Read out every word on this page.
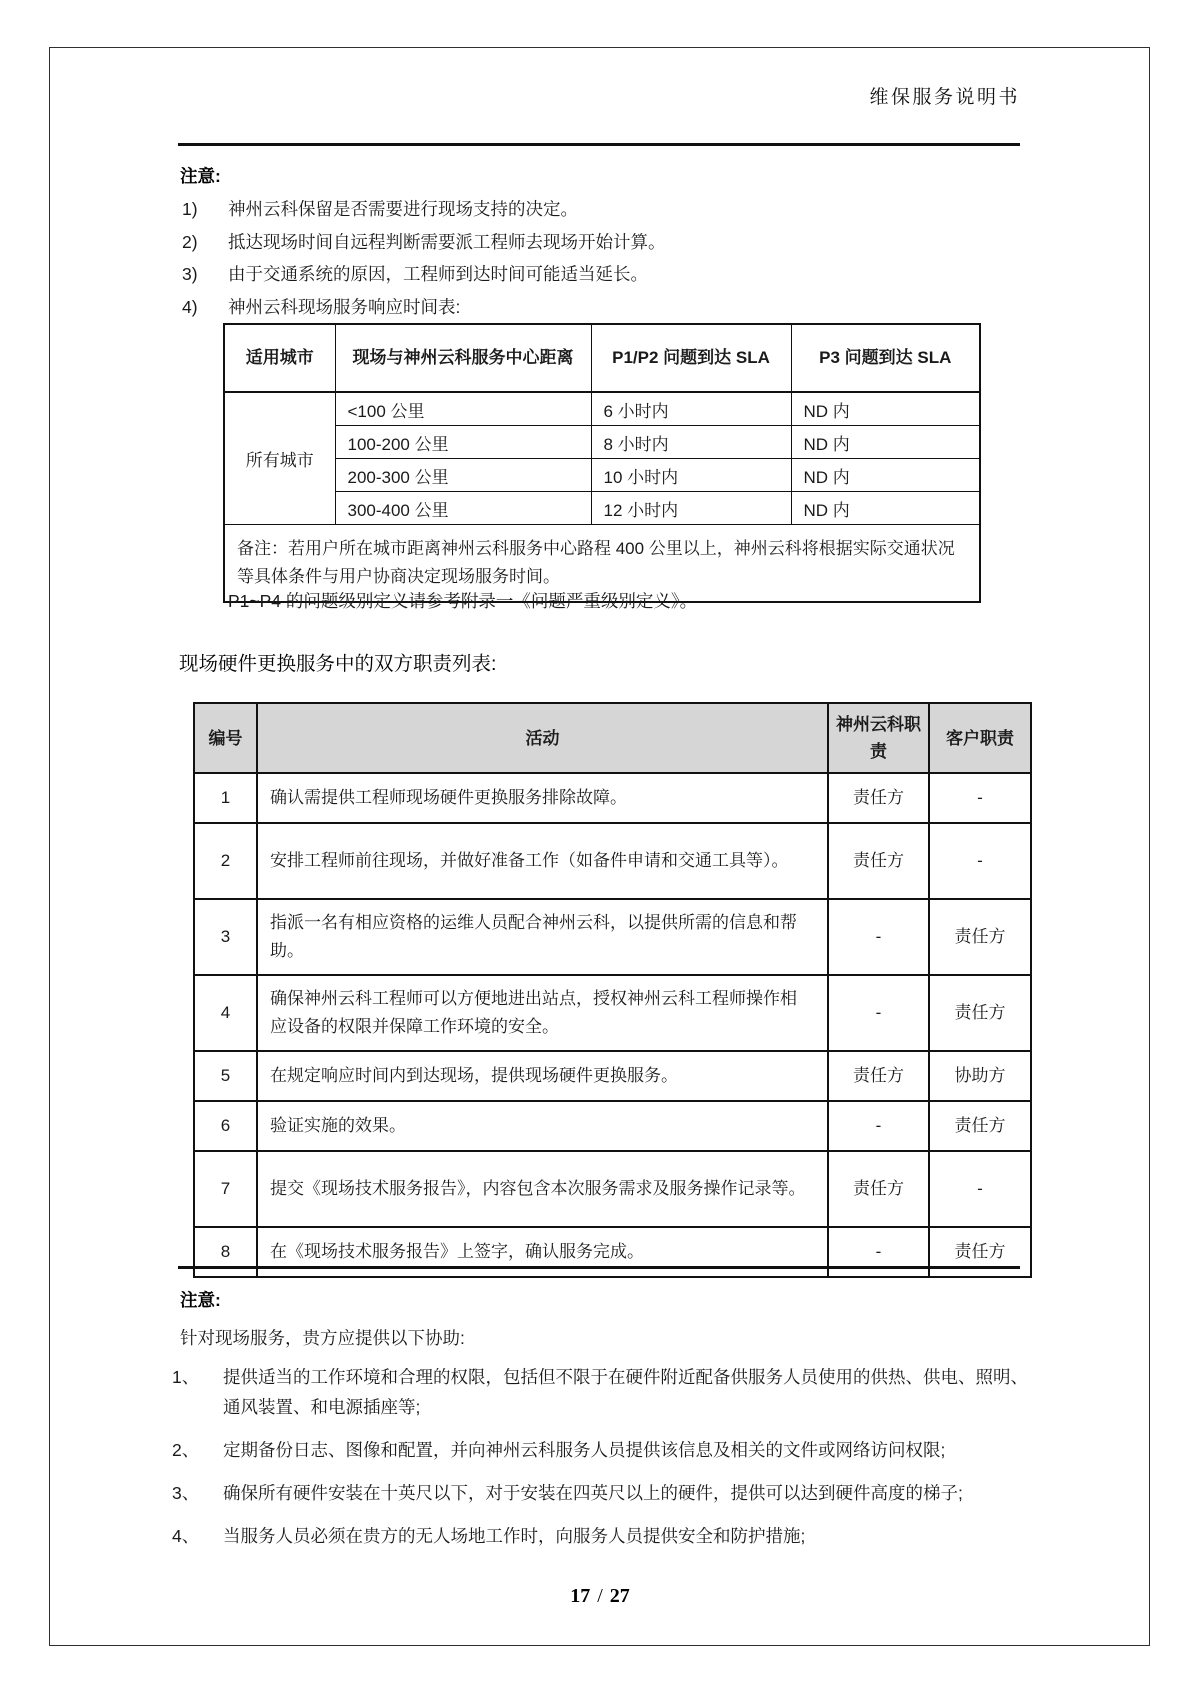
维保服务说明书
注意:
1)	神州云科保留是否需要进行现场支持的决定。
2)	抵达现场时间自远程判断需要派工程师去现场开始计算。
3)	由于交通系统的原因，工程师到达时间可能适当延长。
4)	神州云科现场服务响应时间表:
适用城市	现场与神州云科服务中心距离	P1/P2 问题到达 SLA	P3 问题到达 SLA
所有城市	<100 公里	6 小时内	ND 内
	100-200 公里	8 小时内	ND 内
	200-300 公里	10 小时内	ND 内
	300-400 公里	12 小时内	ND 内
备注：若用户所在城市距离神州云科服务中心路程 400 公里以上，神州云科将根据实际交通状况等具体条件与用户协商决定现场服务时间。			
P1~P4 的问题级别定义请参考附录一《问题严重级别定义》。
现场硬件更换服务中的双方职责列表:
编号	活动	神州云科职责	客户职责
1	确认需提供工程师现场硬件更换服务排除故障。	责任方	-
2	安排工程师前往现场，并做好准备工作（如备件申请和交通工具等）。	责任方	-
3	指派一名有相应资格的运维人员配合神州云科，以提供所需的信息和帮助。	-	责任方
4	确保神州云科工程师可以方便地进出站点，授权神州云科工程师操作相应设备的权限并保障工作环境的安全。	-	责任方
5	在规定响应时间内到达现场，提供现场硬件更换服务。	责任方	协助方
6	验证实施的效果。	-	责任方
7	提交《现场技术服务报告》，内容包含本次服务需求及服务操作记录等。	责任方	-
8	在《现场技术服务报告》上签字，确认服务完成。	-	责任方
注意:
针对现场服务，贵方应提供以下协助:
1、	提供适当的工作环境和合理的权限，包括但不限于在硬件附近配备供服务人员使用的供热、供电、照明、通风装置、和电源插座等;
2、	定期备份日志、图像和配置，并向神州云科服务人员提供该信息及相关的文件或网络访问权限;
3、	确保所有硬件安装在十英尺以下，对于安装在四英尺以上的硬件，提供可以达到硬件高度的梯子;
4、	当服务人员必须在贵方的无人场地工作时，向服务人员提供安全和防护措施;
17 / 27
